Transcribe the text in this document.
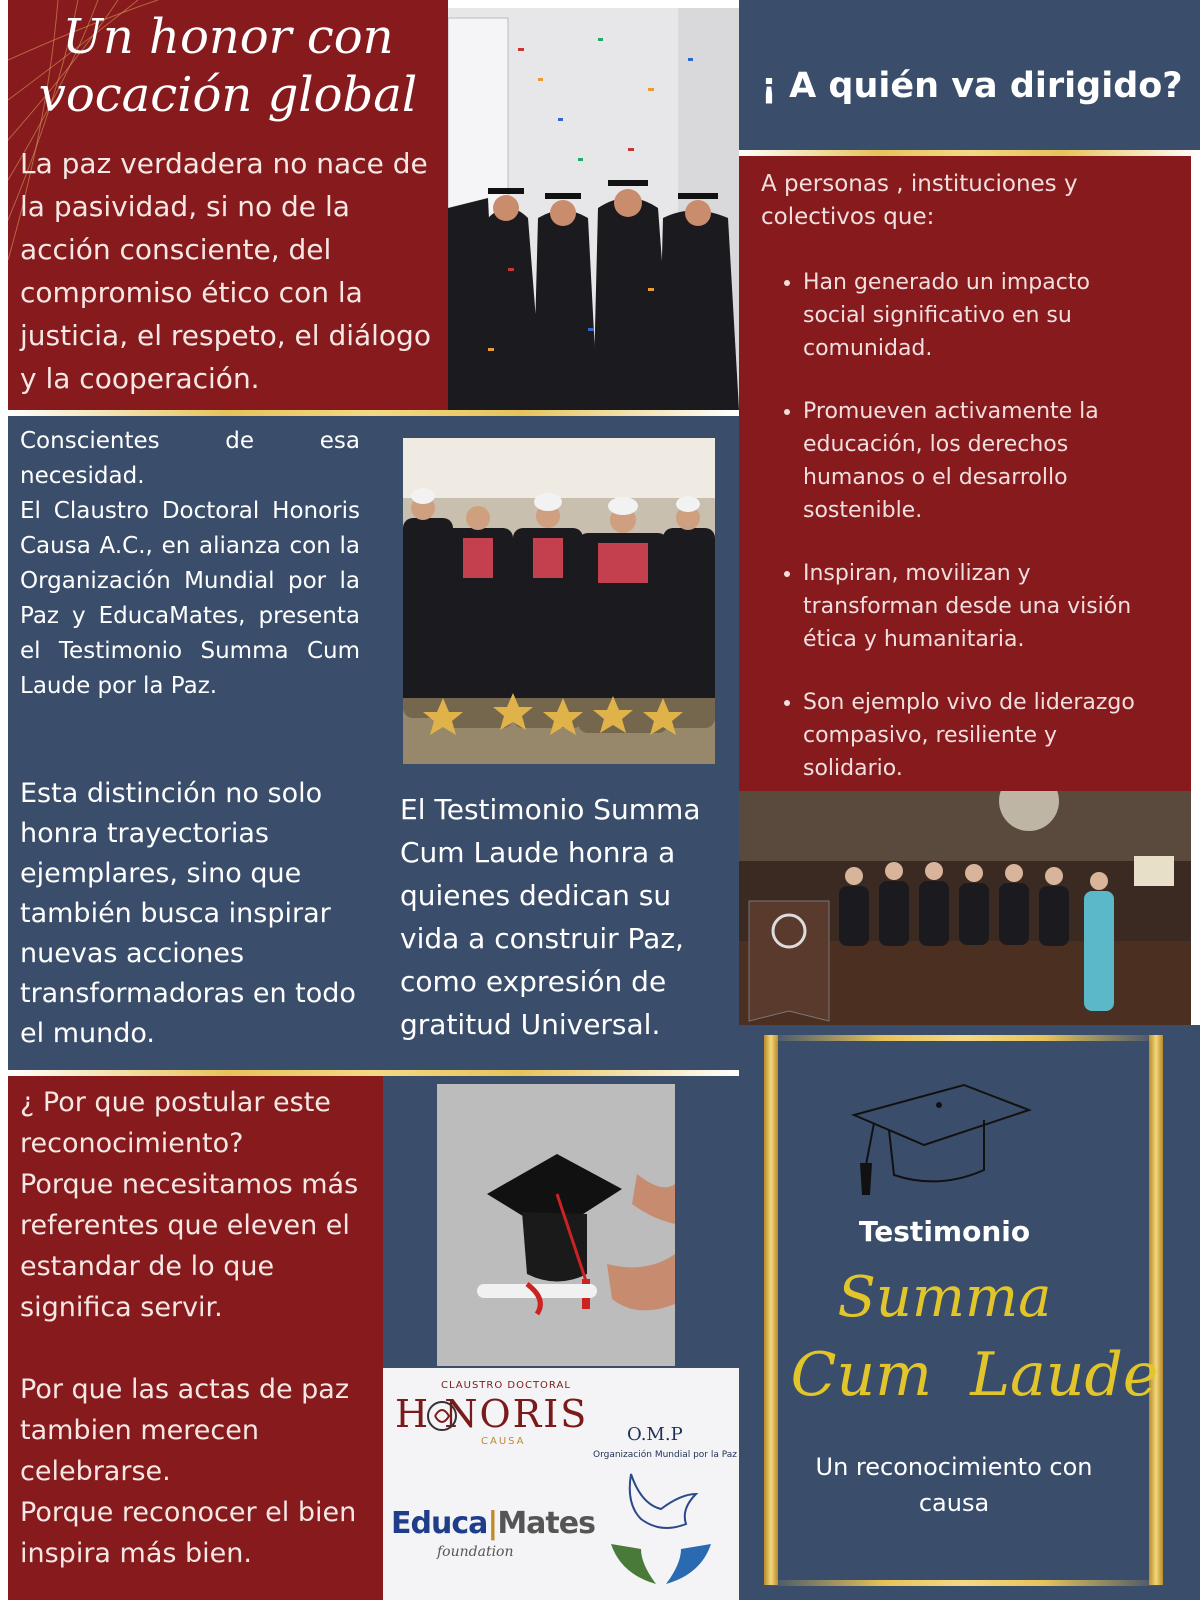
Un honor con
vocación global
La paz verdadera no nace de la pasividad, si no de la acción consciente, del compromiso ético con la justicia, el respeto, el diálogo y la cooperación.
¡ A quién va dirigido?
A personas , instituciones y colectivos que:
• Han generado un impacto social significativo en su comunidad.
• Promueven activamente la educación, los derechos humanos o el desarrollo sostenible.
• Inspiran, movilizan y transforman desde una visión ética y humanitaria.
• Son ejemplo vivo de liderazgo compasivo, resiliente y solidario.
Conscientes de esa necesidad.
El Claustro Doctoral Honoris Causa A.C., en alianza con la Organización Mundial por la Paz y EducaMates, presenta el Testimonio Summa Cum Laude por la Paz.
Esta distinción no solo honra trayectorias ejemplares, sino que también busca inspirar nuevas acciones transformadoras en todo el mundo.
El Testimonio Summa Cum Laude honra a quienes dedican su vida a construir Paz, como expresión de gratitud Universal.
¿ Por que postular este reconocimiento?
Porque necesitamos más referentes que eleven el estandar de lo que significa servir.
Por que las actas de paz tambien merecen celebrarse.
Porque reconocer el bien inspira más bien.
CLAUSTRO DOCTORAL
H NORIS
CAUSA	O.M.P
Organización Mundial por la Paz
Educa|Mates
foundation
Testimonio
Summa
Cum  Laude
Un reconocimiento con causa
